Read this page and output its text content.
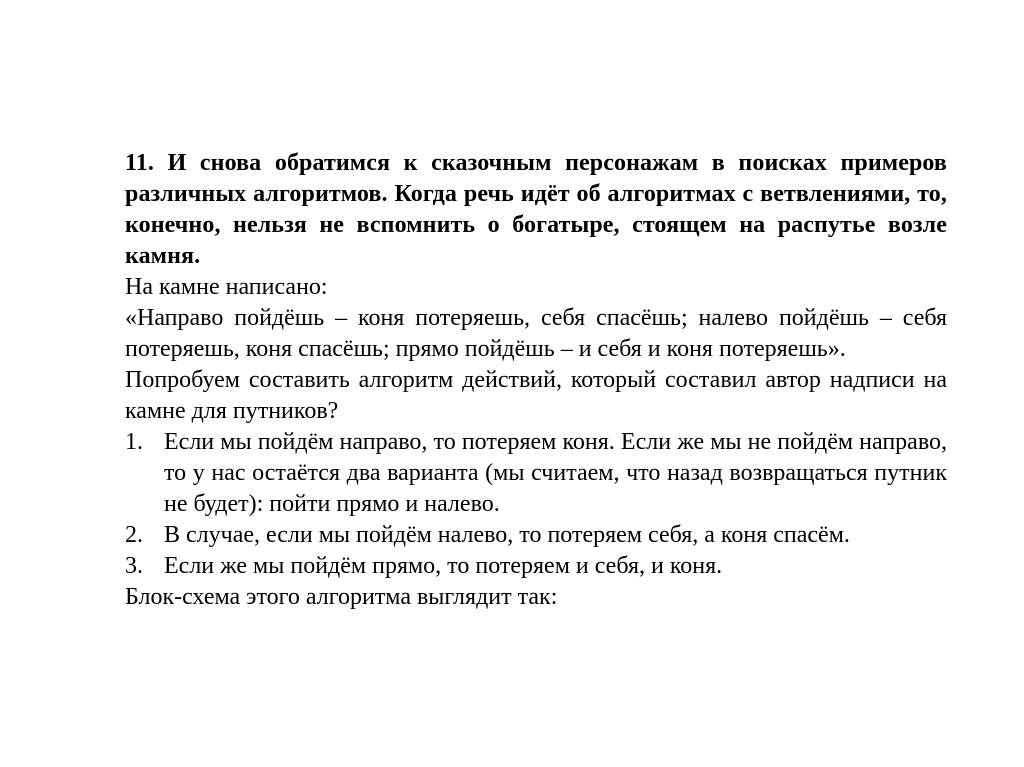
11. И снова обратимся к сказочным персонажам в поисках примеров различных алгоритмов. Когда речь идёт об алгоритмах с ветвлениями, то, конечно, нельзя не вспомнить о богатыре, стоящем на распутье возле камня.

На камне написано:

«Направо пойдёшь – коня потеряешь, себя спасёшь; налево пойдёшь – себя потеряешь, коня спасёшь; прямо пойдёшь – и себя и коня потеряешь».

Попробуем составить алгоритм действий, который составил автор надписи на камне для путников?

1. Если мы пойдём направо, то потеряем коня. Если же мы не пойдём направо, то у нас остаётся два варианта (мы считаем, что назад возвращаться путник не будет): пойти прямо и налево.
2. В случае, если мы пойдём налево, то потеряем себя, а коня спасём.
3. Если же мы пойдём прямо, то потеряем и себя, и коня.

Блок-схема этого алгоритма выглядит так:
